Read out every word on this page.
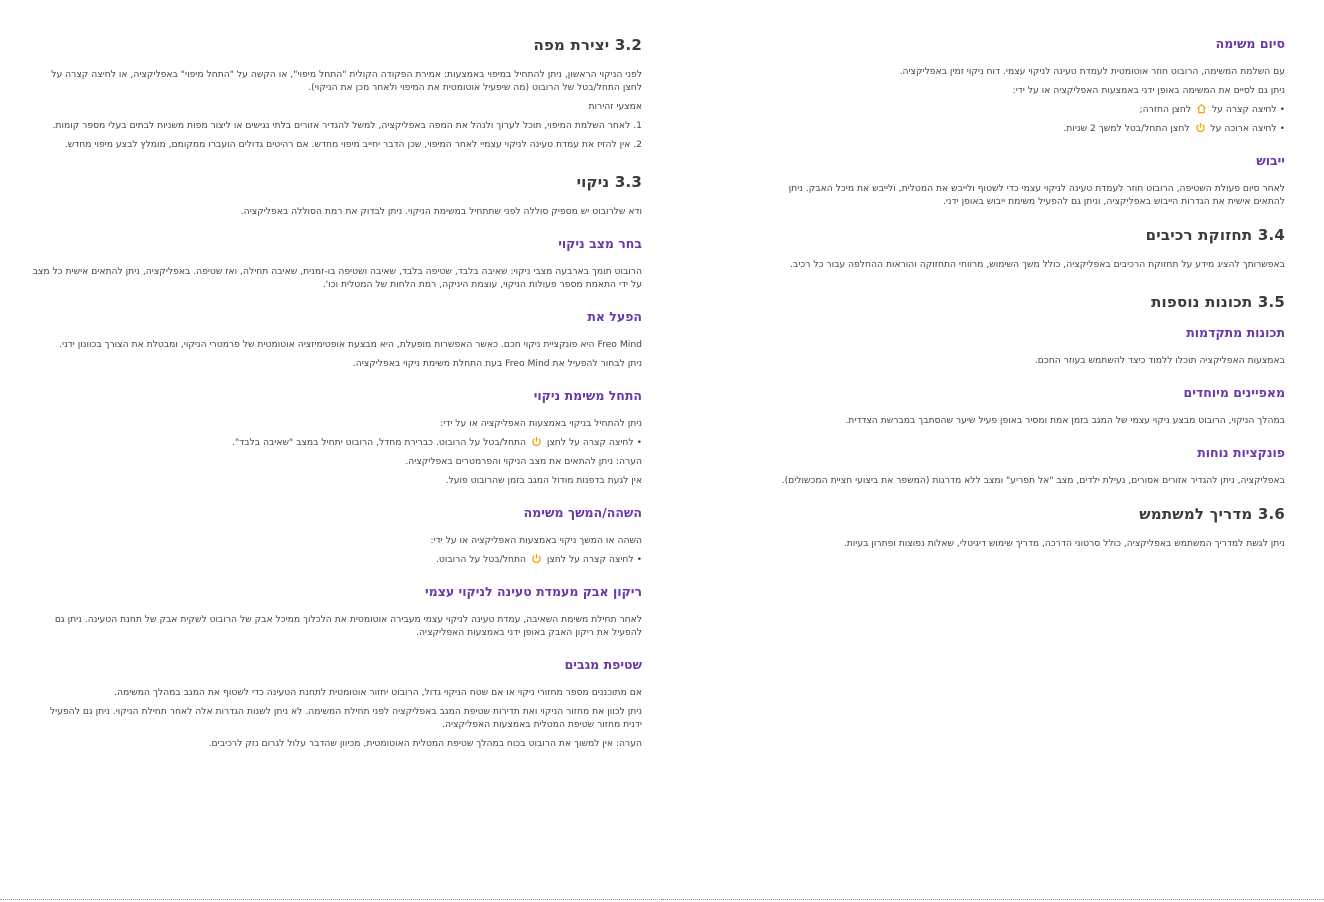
3.2 יצירת מפה

לפני הניקוי הראשון, ניתן להתחיל במיפוי באמצעות: אמירת הפקודה הקולית "התחל מיפוי", או הקשה על "התחל מיפוי" באפליקציה, או לחיצה קצרה על לחצן התחל/בטל של הרובוט (מה שיפעיל אוטומטית את המיפוי ולאחר מכן את הניקוי).

אמצעי זהירות

1. לאחר השלמת המיפוי, תוכל לערוך ולנהל את המפה באפליקציה, למשל להגדיר אזורים בלתי נגישים או ליצור מפות משניות לבתים בעלי מספר קומות.

2. אין להזיז את עמדת טעינה לניקוי עצמיי לאחר המיפוי, שכן הדבר יחייב מיפוי מחדש. אם רהיטים גדולים הועברו ממקומם, מומלץ לבצע מיפוי מחדש.

3.3 ניקוי

ודא שלרובוט יש מספיק סוללה לפני שתתחיל במשימת הניקוי. ניתן לבדוק את רמת הסוללה באפליקציה.

בחר מצב ניקוי

הרובוט תומך בארבעה מצבי ניקוי: שאיבה בלבד, שטיפה בלבד, שאיבה ושטיפה בו-זמנית, שאיבה תחילה, ואז שטיפה. באפליקציה, ניתן להתאים אישית כל מצב על ידי התאמת מספר פעולות הניקוי, עוצמת היניקה, רמת הלחות של המטלית וכו'.

הפעל את

Freo Mind היא פונקציית ניקוי חכם. כאשר האפשרות מופעלת, היא מבצעת אופטימיזציה אוטומטית של פרמטרי הניקוי, ומבטלת את הצורך בכוונון ידני.

ניתן לבחור להפעיל את Freo Mind בעת התחלת משימת ניקוי באפליקציה.

התחל משימת ניקוי

ניתן להתחיל בניקוי באמצעות האפליקציה או על ידי:

• לחיצה קצרה על לחצן  התחל/בטל על הרובוט. כברירת מחדל, הרובוט יתחיל במצב "שאיבה בלבד".

הערה: ניתן להתאים את מצב הניקוי והפרמטרים באפליקציה.

אין לגעת בדפנות מודול המגב בזמן שהרובוט פועל.

השהה/המשך משימה

השהה או המשך ניקוי באמצעות האפליקציה או על ידי:

• לחיצה קצרה על לחצן  התחל/בטל על הרובוט.

ריקון אבק מעמדת טעינה לניקוי עצמי

לאחר תחילת משימת השאיבה, עמדת טעינה לניקוי עצמי מעבירה אוטומטית את הלכלוך ממיכל אבק של הרובוט לשקית אבק של תחנת הטעינה. ניתן גם להפעיל את ריקון האבק באופן ידני באמצעות האפליקציה.

שטיפת מגבים

אם מתוכננים מספר מחזורי ניקוי או אם שטח הניקוי גדול, הרובוט יחזור אוטומטית לתחנת הטעינה כדי לשטוף את המגב במהלך המשימה.

ניתן לכוון את מחזור הניקוי ואת תדירות שטיפת המגב באפליקציה לפני תחילת המשימה. לא ניתן לשנות הגדרות אלה לאחר תחילת הניקוי. ניתן גם להפעיל ידנית מחזור שטיפת המטלית באמצעות האפליקציה.

הערה: אין למשוך את הרובוט בכוח במהלך שטיפת המטלית האוטומטית, מכיוון שהדבר עלול לגרום נזק לרכיבים.

סיום משימה

עם השלמת המשימה, הרובוט חוזר אוטומטית לעמדת טעינה לניקוי עצמי. דוח ניקוי זמין באפליקציה.

ניתן גם לסיים את המשימה באופן ידני באמצעות האפליקציה או על ידי:

• לחיצה קצרה על  לחצן החזרה;

• לחיצה ארוכה על  לחצן התחל/בטל למשך 2 שניות.

ייבוש

לאחר סיום פעולת השטיפה, הרובוט חוזר לעמדת טעינה לניקוי עצמי כדי לשטוף ולייבש את המטלית, ולייבש את מיכל האבק. ניתן להתאים אישית את הגדרות הייבוש באפליקציה, וניתן גם להפעיל משימת ייבוש באופן ידני.

3.4 תחזוקת רכיבים

באפשרותך להציג מידע על תחזוקת הרכיבים באפליקציה, כולל משך השימוש, מרווחי התחזוקה והוראות ההחלפה עבור כל רכיב.

3.5 תכונות נוספות
תכונות מתקדמות

באמצעות האפליקציה תוכלו ללמוד כיצד להשתמש בעוזר החכם.

מאפיינים מיוחדים

במהלך הניקוי, הרובוט מבצע ניקוי עצמי של המגב בזמן אמת ומסיר באופן פעיל שיער שהסתבך במברשת הצדדית.

פונקציות נוחות

באפליקציה, ניתן להגדיר אזורים אסורים, נעילת ילדים, מצב "אל תפריע" ומצב ללא מדרגות (המשפר את ביצועי חציית המכשולים).

3.6 מדריך למשתמש

ניתן לגשת למדריך המשתמש באפליקציה, כולל סרטוני הדרכה, מדריך שימוש דיגיטלי, שאלות נפוצות ופתרון בעיות.
